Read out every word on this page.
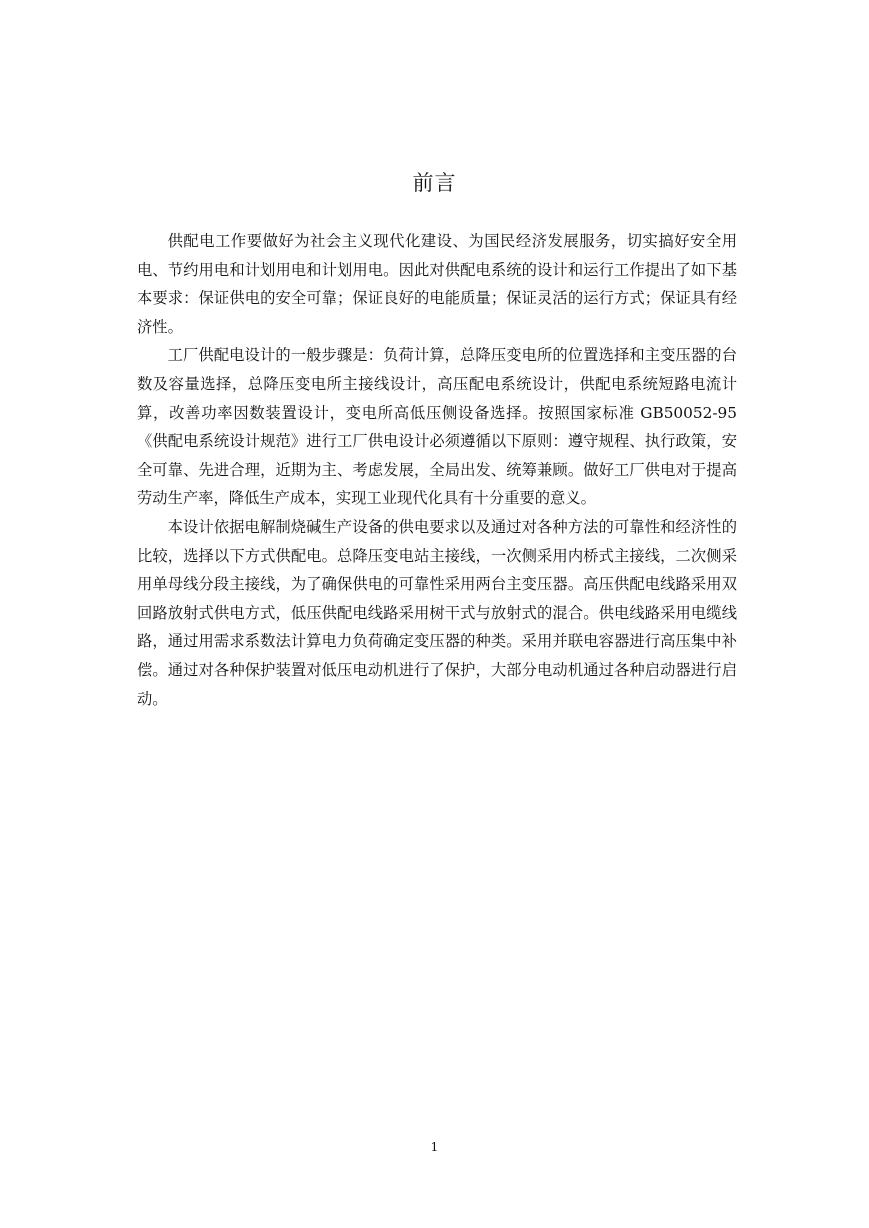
前言

供配电工作要做好为社会主义现代化建设、为国民经济发展服务，切实搞好安全用电、节约用电和计划用电和计划用电。因此对供配电系统的设计和运行工作提出了如下基本要求：保证供电的安全可靠；保证良好的电能质量；保证灵活的运行方式；保证具有经济性。

工厂供配电设计的一般步骤是：负荷计算，总降压变电所的位置选择和主变压器的台数及容量选择，总降压变电所主接线设计，高压配电系统设计，供配电系统短路电流计算，改善功率因数装置设计，变电所高低压侧设备选择。按照国家标准 GB50052-95《供配电系统设计规范》进行工厂供电设计必须遵循以下原则：遵守规程、执行政策，安全可靠、先进合理，近期为主、考虑发展，全局出发、统筹兼顾。做好工厂供电对于提高劳动生产率，降低生产成本，实现工业现代化具有十分重要的意义。

本设计依据电解制烧碱生产设备的供电要求以及通过对各种方法的可靠性和经济性的比较，选择以下方式供配电。总降压变电站主接线，一次侧采用内桥式主接线，二次侧采用单母线分段主接线，为了确保供电的可靠性采用两台主变压器。高压供配电线路采用双回路放射式供电方式，低压供配电线路采用树干式与放射式的混合。供电线路采用电缆线路，通过用需求系数法计算电力负荷确定变压器的种类。采用并联电容器进行高压集中补偿。通过对各种保护装置对低压电动机进行了保护，大部分电动机通过各种启动器进行启动。

1
